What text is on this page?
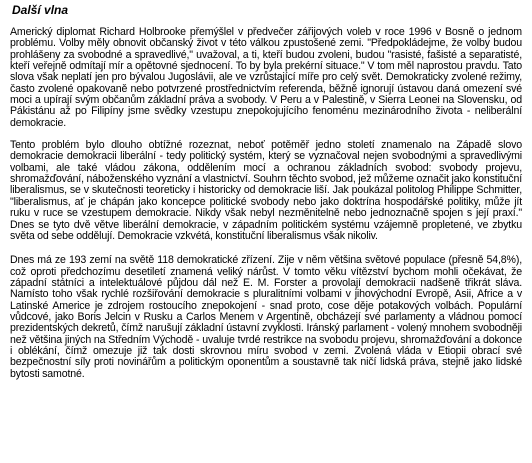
Další vlna

Americký diplomat Richard Holbrooke přemýšlel v předvečer zářijových voleb v roce 1996 v Bosně o jednom problému. Volby měly obnovit občanský život v této válkou zpustošené zemi. "Předpokládejme, že volby budou prohlášeny za svobodné a spravedlivé," uvažoval, a ti, kteří budou zvoleni, budou "rasisté, fašisté a separatisté, kteří veřejně odmítají mír a opětovné sjednocení. To by byla prekérní situace." V tom měl naprostou pravdu. Tato slova však neplatí jen pro bývalou Jugoslávii, ale ve vzrůstající míře pro celý svět. Demokraticky zvolené režimy, často zvolené opakovaně nebo potvrzené prostřednictvím referenda, běžně ignorují ústavou daná omezení své moci a upírají svým občanům základní práva a svobody. V Peru a v Palestině, v Sierra Leonei na Slovensku, od Pákistánu až po Filipíny jsme svědky vzestupu znepokojujícího fenoménu mezinárodního života - neliberální demokracie.

Tento problém bylo dlouho obtížné rozeznat, neboť potěměř jedno století znamenalo na Západě slovo demokracie demokracii liberální - tedy politický systém, který se vyznačoval nejen svobodnými a spravedlivými volbami, ale také vládou zákona, oddělením mocí a ochranou základních svobod: svobody projevu, shromažďování, náboženského vyznání a vlastnictví. Souhrn těchto svobod, jež můžeme označit jako konstituční liberalismus, se v skutečnosti teoreticky i historicky od demokracie liší. Jak poukázal politolog Philippe Schmitter, "liberalismus, ať je chápán jako koncepce politické svobody nebo jako doktrína hospodářské politiky, může jít ruku v ruce se vzestupem demokracie. Nikdy však nebyl nezměnitelně nebo jednoznačně spojen s její praxí." Dnes se tyto dvě větve liberální demokracie, v západním politickém systému vzájemně propletené, ve zbytku světa od sebe oddělují. Demokracie vzkvétá, konstituční liberalismus však nikoliv.

Dnes má ze 193 zemí na světě 118 demokratické zřízení. Zije v něm většina světové populace (přesně 54,8%), což oproti předchozímu desetiletí znamená veliký nárůst. V tomto věku vítězství bychom mohli očekávat, že západní státníci a intelektuálové půjdou dál než E. M. Forster a provolají demokracii nadšeně třikrát sláva. Namísto toho však rychlé rozšiřování demokracie s pluralitními volbami v jihovýchodní Evropě, Asii, Africe a v Latinské Americe je zdrojem rostoucího znepokojení - snad proto, cose děje potakových volbách. Populární vůdcové, jako Boris Jelcin v Rusku a Carlos Menem v Argentině, obcházejí své parlamenty a vládnou pomocí prezidentských dekretů, čímž narušují základní ústavní zvyklosti. Iránský parlament - volený mnohem svobodněji než většina jiných na Středním Východě - uvaluje tvrdé restrikce na svobodu projevu, shromažďování a dokonce i oblékání, čímž omezuje již tak dosti skrovnou míru svobod v zemi. Zvolená vláda v Etiopii obrací své bezpečnostní síly proti novinářům a politickým oponentům a soustavně tak ničí lidská práva, stejně jako lidské bytosti samotné.
